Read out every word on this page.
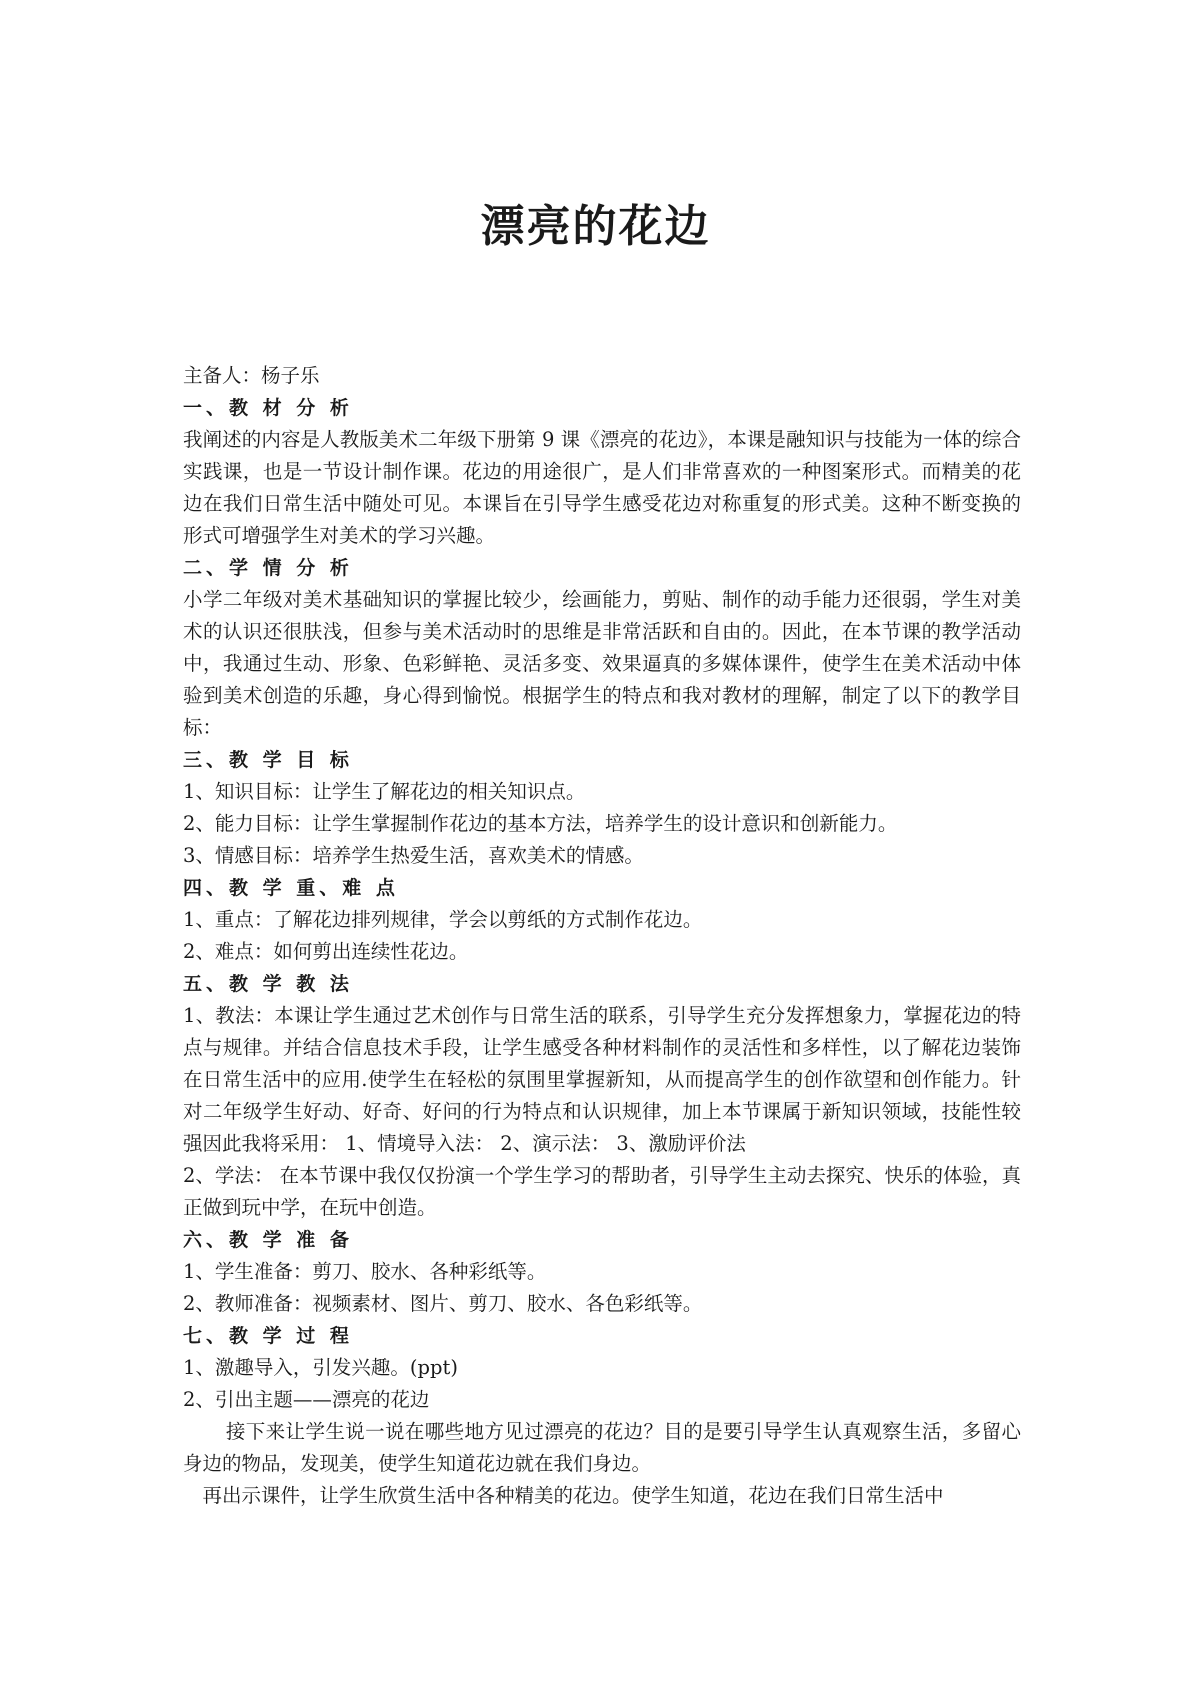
漂亮的花边

主备人：杨子乐

一、教 材 分 析

我阐述的内容是人教版美术二年级下册第 9 课《漂亮的花边》，本课是融知识与技能为一体的综合实践课，也是一节设计制作课。花边的用途很广，是人们非常喜欢的一种图案形式。而精美的花边在我们日常生活中随处可见。本课旨在引导学生感受花边对称重复的形式美。这种不断变换的形式可增强学生对美术的学习兴趣。

二、学 情 分 析

小学二年级对美术基础知识的掌握比较少，绘画能力，剪贴、制作的动手能力还很弱，学生对美术的认识还很肤浅，但参与美术活动时的思维是非常活跃和自由的。因此，在本节课的教学活动中，我通过生动、形象、色彩鲜艳、灵活多变、效果逼真的多媒体课件，使学生在美术活动中体验到美术创造的乐趣，身心得到愉悦。根据学生的特点和我对教材的理解，制定了以下的教学目标：

三、教 学 目 标

1、知识目标：让学生了解花边的相关知识点。

2、能力目标：让学生掌握制作花边的基本方法，培养学生的设计意识和创新能力。

3、情感目标：培养学生热爱生活，喜欢美术的情感。

四、教 学 重、难 点

1、重点：了解花边排列规律，学会以剪纸的方式制作花边。

2、难点：如何剪出连续性花边。

五、教 学 教 法

1、教法：本课让学生通过艺术创作与日常生活的联系，引导学生充分发挥想象力，掌握花边的特点与规律。并结合信息技术手段，让学生感受各种材料制作的灵活性和多样性，以了解花边装饰在日常生活中的应用.使学生在轻松的氛围里掌握新知，从而提高学生的创作欲望和创作能力。针对二年级学生好动、好奇、好问的行为特点和认识规律，加上本节课属于新知识领域，技能性较强因此我将采用： 1、情境导入法： 2、演示法： 3、激励评价法

2、学法： 在本节课中我仅仅扮演一个学生学习的帮助者，引导学生主动去探究、快乐的体验，真正做到玩中学，在玩中创造。

六、教 学 准 备

1、学生准备：剪刀、胶水、各种彩纸等。

2、教师准备：视频素材、图片、剪刀、胶水、各色彩纸等。

七、教 学 过 程

1、激趣导入，引发兴趣。(ppt)

2、引出主题——漂亮的花边

接下来让学生说一说在哪些地方见过漂亮的花边？目的是要引导学生认真观察生活，多留心身边的物品，发现美，使学生知道花边就在我们身边。

再出示课件，让学生欣赏生活中各种精美的花边。使学生知道，花边在我们日常生活中
